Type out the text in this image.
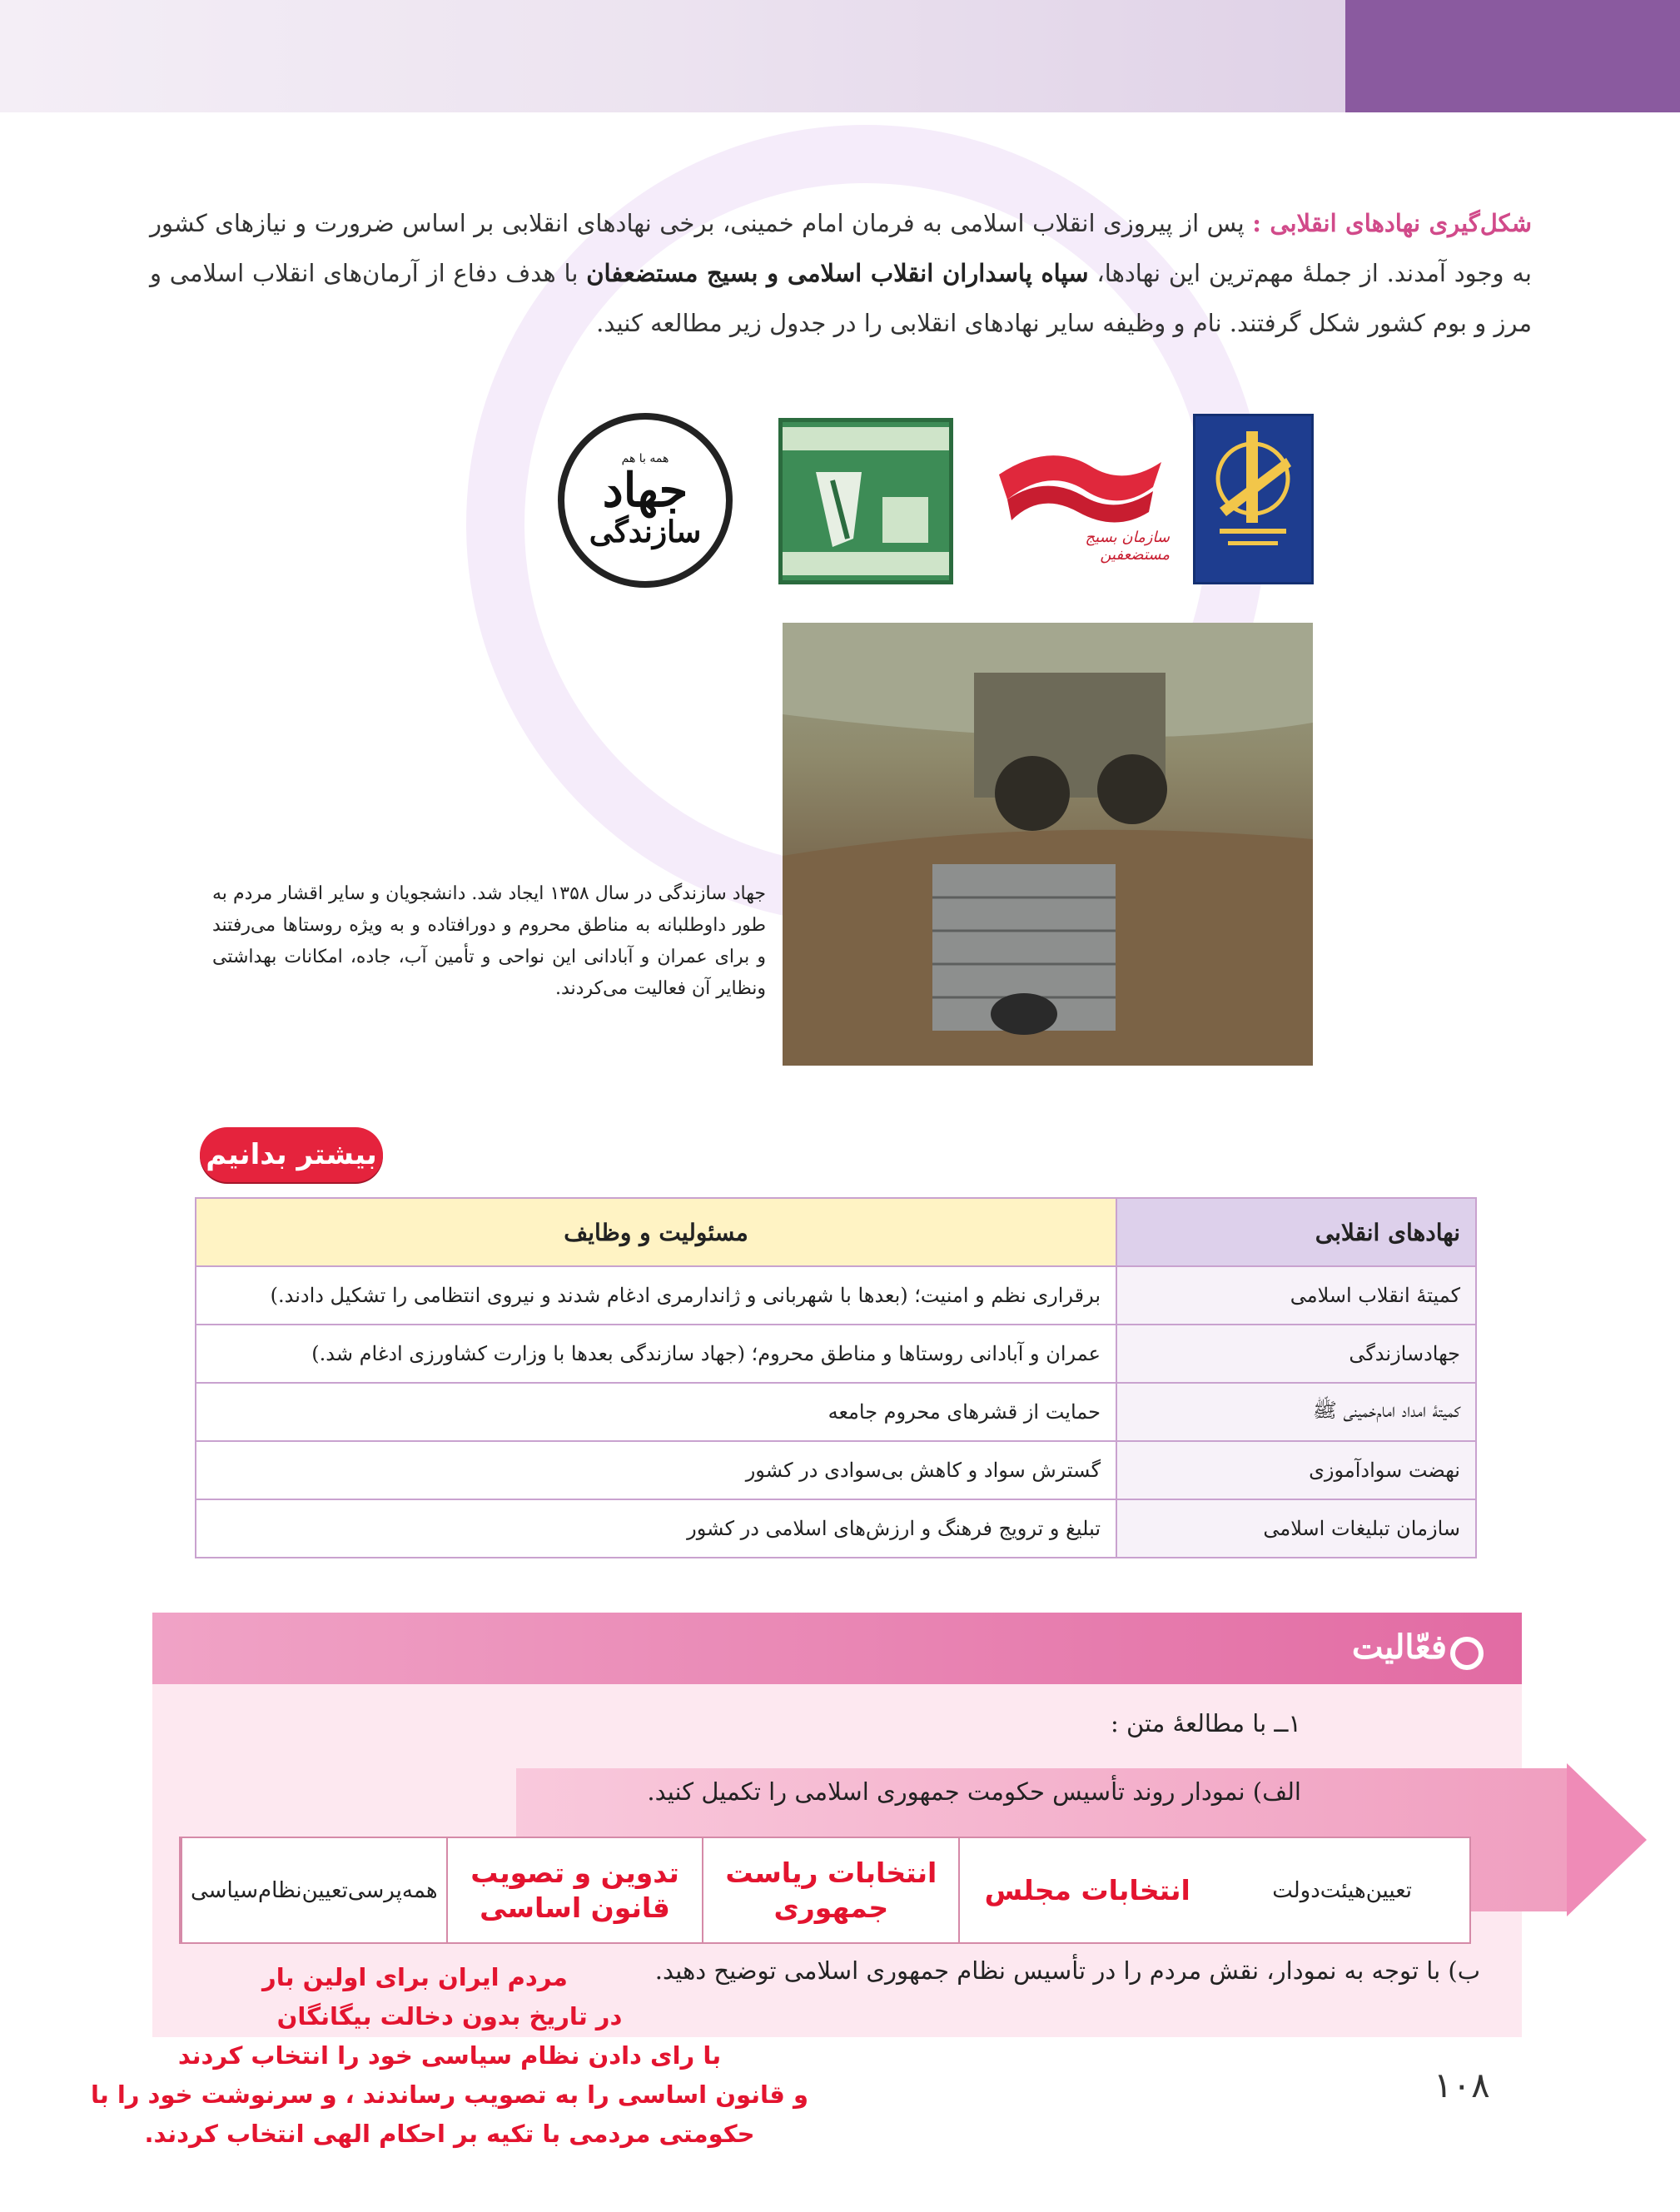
شکل‌گیری نهادهای انقلابی : پس از پیروزی انقلاب اسلامی به فرمان امام خمینی، برخی نهادهای انقلابی بر اساس ضرورت و نیازهای کشور به وجود آمدند. از جملهٔ مهم‌ترین این نهادها، سپاه پاسداران انقلاب اسلامی و بسیج مستضعفان با هدف دفاع از آرمان‌های انقلاب اسلامی و مرز و بوم کشور شکل گرفتند. نام و وظیفه سایر نهادهای انقلابی را در جدول زیر مطالعه کنید.
همه با هم
جهاد
سازندگی	سازمان بسیج مستضعفین
جهاد سازندگی در سال ۱۳۵۸ ایجاد شد. دانشجویان و سایر اقشار مردم به طور داوطلبانه به مناطق محروم و دورافتاده و به ویژه روستاها می‌رفتند و برای عمران و آبادانی این نواحی و تأمین آب، جاده، امکانات بهداشتی ونظایر آن فعالیت می‌کردند.
بیشتر بدانیم
نهادهای انقلابی	مسئولیت و وظایف
کمیتهٔ انقلاب اسلامی	برقراری نظم و امنیت؛ (بعدها با شهربانی و ژاندارمری ادغام شدند و نیروی انتظامی را تشکیل دادند.)
جهادسازندگی	عمران و آبادانی روستاها و مناطق محروم؛ (جهاد سازندگی بعدها با وزارت کشاورزی ادغام شد.)
کمیتهٔ امداد امام‌خمینی ﷺ	حمایت از قشرهای محروم جامعه
نهضت سوادآموزی	گسترش سواد و کاهش بی‌سوادی در کشور
سازمان تبلیغات اسلامی	تبلیغ و ترویج فرهنگ و ارزش‌های اسلامی در کشور
فعّالیت
۱ــ با مطالعهٔ متن :
الف) نمودار روند تأسیس حکومت جمهوری اسلامی را تکمیل کنید.
همه‌پرسی‌تعیین‌نظام‌سیاسی
تدوین و تصویب قانون اساسی
انتخابات ریاست جمهوری
انتخابات مجلس	تعیین‌هیئت‌دولت
ب) با توجه به نمودار، نقش مردم را در تأسیس نظام جمهوری اسلامی توضیح دهید.
مردم ایران برای اولین بار
در تاریخ بدون دخالت بیگانگان
با رای دادن نظام سیاسی خود را انتخاب کردند
و قانون اساسی را به تصویب رساندند ، و سرنوشت خود را با
حکومتی مردمی با تکیه بر احکام الهی انتخاب کردند.
۱۰۸
